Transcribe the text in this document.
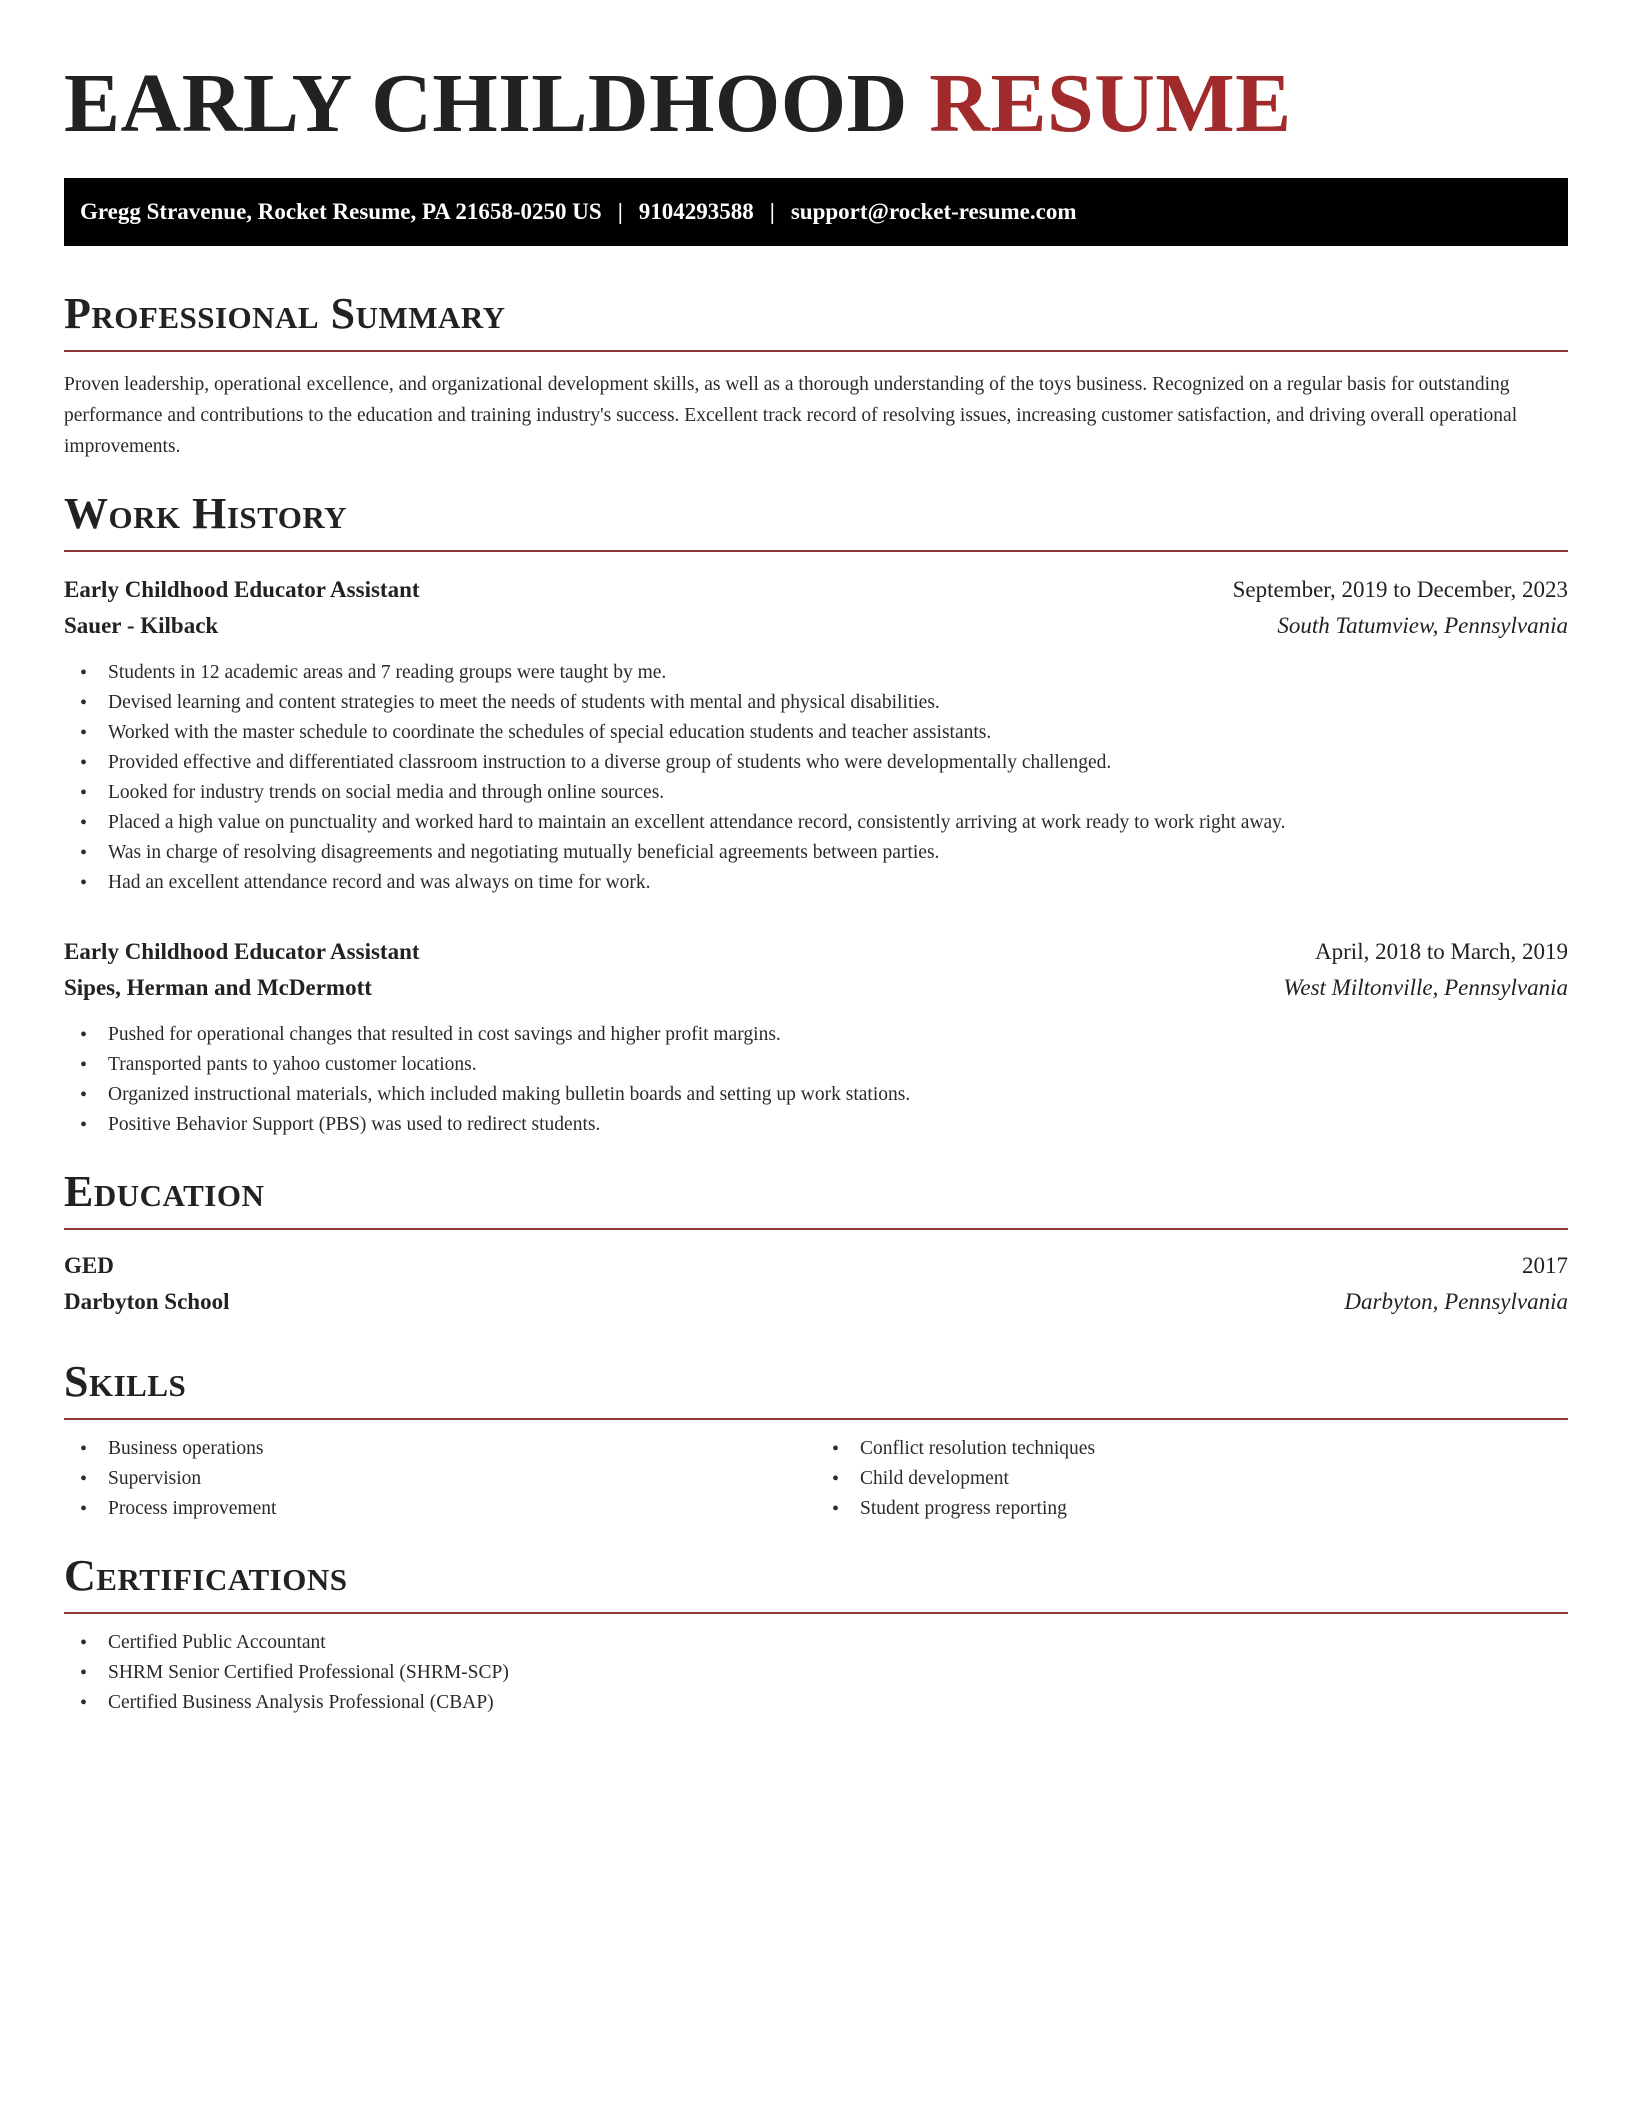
EARLY CHILDHOOD RESUME
Gregg Stravenue, Rocket Resume, PA 21658-0250 US | 9104293588 | support@rocket-resume.com
Professional Summary

Proven leadership, operational excellence, and organizational development skills, as well as a thorough understanding of the toys business. Recognized on a regular basis for outstanding performance and contributions to the education and training industry's success. Excellent track record of resolving issues, increasing customer satisfaction, and driving overall operational improvements.

Work History
Early Childhood Educator Assistant	September, 2019 to December, 2023
Sauer - Kilback	South Tatumview, Pennsylvania
• Students in 12 academic areas and 7 reading groups were taught by me.
• Devised learning and content strategies to meet the needs of students with mental and physical disabilities.
• Worked with the master schedule to coordinate the schedules of special education students and teacher assistants.
• Provided effective and differentiated classroom instruction to a diverse group of students who were developmentally challenged.
• Looked for industry trends on social media and through online sources.
• Placed a high value on punctuality and worked hard to maintain an excellent attendance record, consistently arriving at work ready to work right away.
• Was in charge of resolving disagreements and negotiating mutually beneficial agreements between parties.
• Had an excellent attendance record and was always on time for work.
Early Childhood Educator Assistant	April, 2018 to March, 2019
Sipes, Herman and McDermott	West Miltonville, Pennsylvania
• Pushed for operational changes that resulted in cost savings and higher profit margins.
• Transported pants to yahoo customer locations.
• Organized instructional materials, which included making bulletin boards and setting up work stations.
• Positive Behavior Support (PBS) was used to redirect students.
Education
GED	2017
Darbyton School	Darbyton, Pennsylvania
Skills
• Business operations
• Supervision
• Process improvement
• Conflict resolution techniques
• Child development
• Student progress reporting
Certifications
• Certified Public Accountant
• SHRM Senior Certified Professional (SHRM-SCP)
• Certified Business Analysis Professional (CBAP)
